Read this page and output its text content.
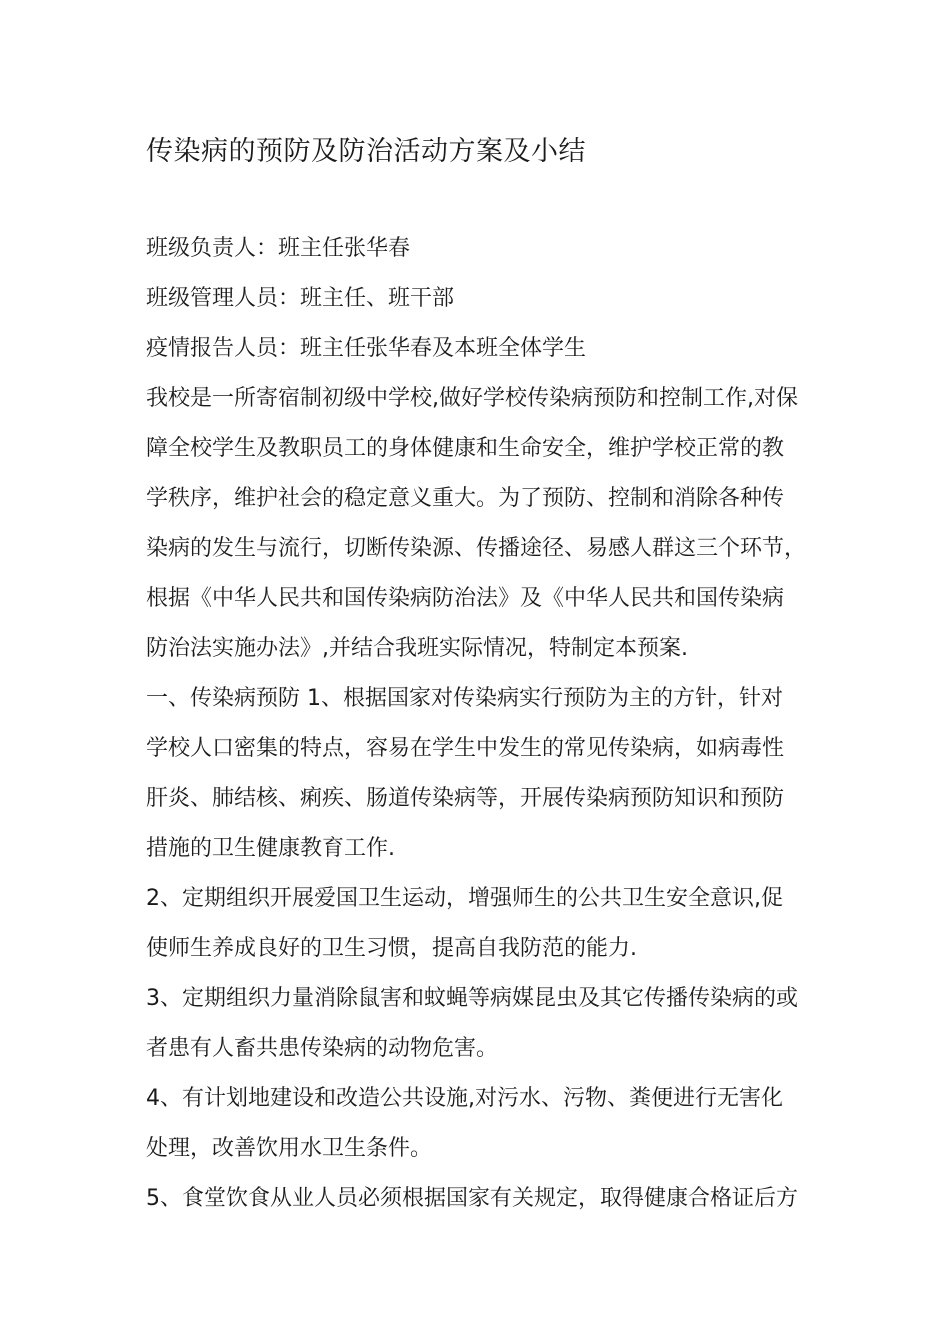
传染病的预防及防治活动方案及小结
班级负责人：班主任张华春
班级管理人员：班主任、班干部
疫情报告人员：班主任张华春及本班全体学生
我校是一所寄宿制初级中学校,做好学校传染病预防和控制工作,对保
障全校学生及教职员工的身体健康和生命安全，维护学校正常的教
学秩序，维护社会的稳定意义重大。为了预防、控制和消除各种传
染病的发生与流行，切断传染源、传播途径、易感人群这三个环节，
根据《中华人民共和国传染病防治法》及《中华人民共和国传染病
防治法实施办法》,并结合我班实际情况，特制定本预案.
一、传染病预防 1、根据国家对传染病实行预防为主的方针，针对
学校人口密集的特点，容易在学生中发生的常见传染病，如病毒性
肝炎、肺结核、痢疾、肠道传染病等，开展传染病预防知识和预防
措施的卫生健康教育工作.
2、定期组织开展爱国卫生运动，增强师生的公共卫生安全意识,促
使师生养成良好的卫生习惯，提高自我防范的能力.
3、定期组织力量消除鼠害和蚊蝇等病媒昆虫及其它传播传染病的或
者患有人畜共患传染病的动物危害。
4、有计划地建设和改造公共设施,对污水、污物、粪便进行无害化
处理，改善饮用水卫生条件。
5、食堂饮食从业人员必须根据国家有关规定，取得健康合格证后方
